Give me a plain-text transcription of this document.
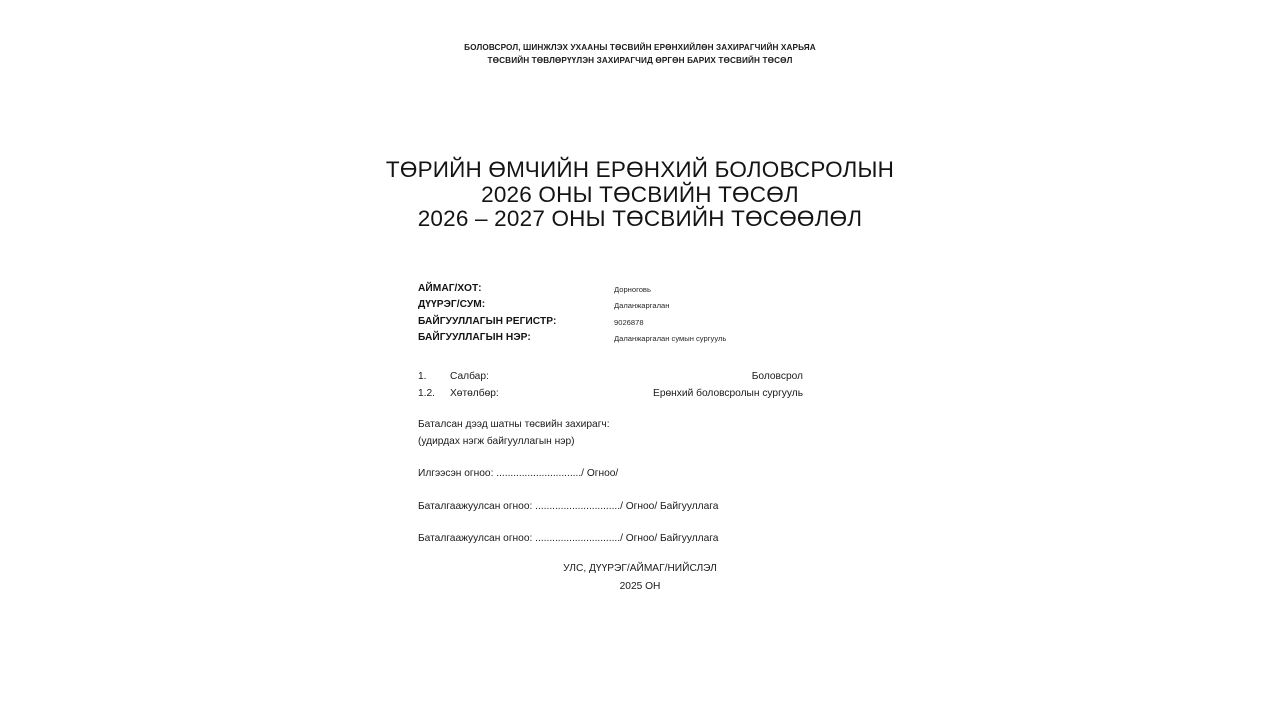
БОЛОВСРОЛ, ШИНЖЛЭХ УХААНЫ ТӨСВИЙН ЕРӨНХИЙЛӨН ЗАХИРАГЧИЙН ХАРЬЯА
ТӨСВИЙН ТӨВЛӨРҮҮЛЭН ЗАХИРАГЧИД ӨРГӨН БАРИХ ТӨСВИЙН ТӨСӨЛ
ТӨРИЙН ӨМЧИЙН ЕРӨНХИЙ БОЛОВСРОЛЫН
2026 ОНЫ ТӨСВИЙН ТӨСӨЛ
2026 – 2027 ОНЫ ТӨСВИЙН ТӨСӨӨЛӨЛ
АЙМАГ/ХОТ:	Дорноговь
ДҮҮРЭГ/СУМ:	Даланжаргалан
БАЙГУУЛЛАГЫН РЕГИСТР:	9026878
БАЙГУУЛЛАГЫН НЭР:	Даланжаргалан сумын сургууль
1.	Салбар:	Боловсрол
1.2.	Хөтөлбөр:	Ерөнхий боловсролын сургууль
Баталсан дээд шатны төсвийн захирагч:
(удирдах нэгж байгууллагын нэр)
Илгээсэн огноо: ............................../ Огноо/
Баталгаажуулсан огноо: ............................../ Огноо/ Байгууллага
Баталгаажуулсан огноо: ............................../ Огноо/ Байгууллага
УЛС, ДҮҮРЭГ/АЙМАГ/НИЙСЛЭЛ
2025 ОН
